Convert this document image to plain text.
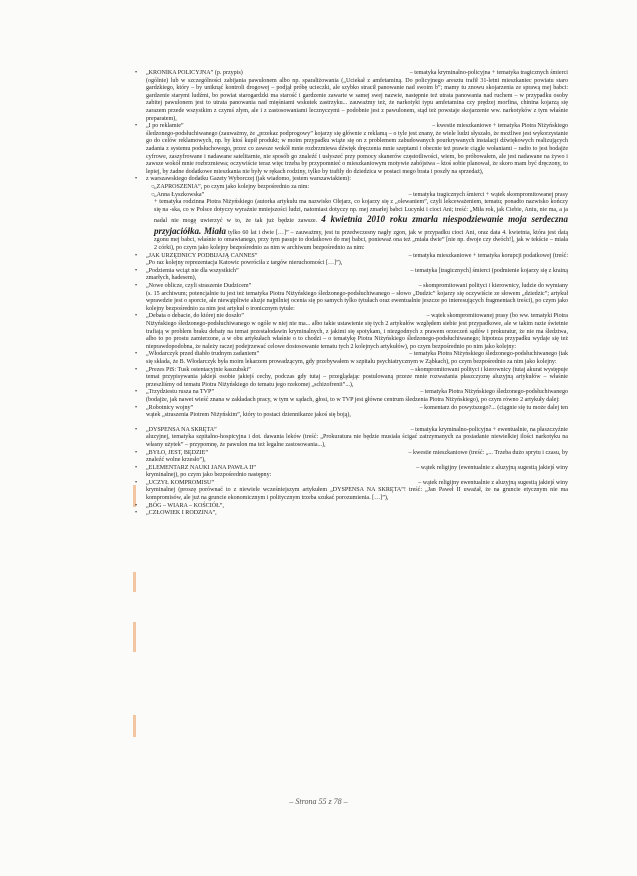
• „KRONIKA POLICYJNA” (p. przypis)	– tematyka kryminalno-policyjna + tematyka tragicznych śmierci
(ogólnie) lub w szczególności zabijania pawulonem albo np. sparaliżowania („Uciekał z amfetaminą. Do policyjnego aresztu trafił 31-letni mieszkaniec powiatu staro gardzkiego, który – by uniknąć kontroli drogowej – podjął próbę ucieczki, ale szybko stracił panowanie nad swoim b”; mamy tu znowu skojarzenia ze sprawą mej babci: gardzenie starymi ludźmi, bo powiat starogardzki ma starość i gardzenie zawarte w samej swej nazwie, następnie też utrata panowania nad ruchem – w przypadku osoby zabitej pawulonem jest to utrata panowania nad mięśniami wskutek zastrzyku... zauważmy też, że narkotyki typu amfetamina czy prędzej morfina, chinina kojarzą się zarazem przede wszystkim z czymś złym, ale i z zastosowaniami lecznyczymi – podobnie jest z pawulonem, stąd też powstaje skojarzenie ww. narkotyków z tym właśnie preparatem),
• „I po reklamie”	– kwestie mieszkaniowe + tematyka Piotra Niżyńskiego
śledzonego-podsłuchiwanego (zauważmy, że „przekaz podprogowy” kojarzy się głównie z reklamą – o tyle jest znany, że wiele ludzi słyszało, że możliwe jest wykorzystanie go do celów reklamowych, np. by ktoś kupił produkt; w moim przypadku wiąże się on z problemem zabudowanych pourkrywanych instalacji dźwiękowych realizujących zadania z systemu podsłuchowego, przez co zawsze wokół mnie rozbrzmiewa dźwięk dręczenia mnie szeptami i obecnie też prawie ciągle wołaniami – radio to jest bodajże cyfrowe, zaszyfrowane i nadawane satelitarnie, nie sposób go znaleźć i usłyszeć przy pomocy skanerów częstotliwości, wiem, bo próbowałem, ale jest nadawane na żywo i zawsze wokół mnie rozbrzmiewa; oczywiście teraz więc trzeba by przypomnieć o mieszkaniowym motywie zabójstwa – ktoś sobie planował, że skoro mam być dręczony, to lepiej, by żadne dodatkowe mieszkania nie były w rękach rodziny, tylko by trafiły do dziedzica w postaci mego brata i poszły na sprzedaż),
• z warszawskiego dodatku Gazety Wyborczej (jak wiadomo, jestem warszawiakiem):
○ „ZAPROSZENIA”, po czym jako kolejny bezpośrednio za nim:
○ „Anna Łyszkowska”	– tematyka tragicznych śmierci + wątek skompromitowanej prasy
+ tematyka rodzinna Piotra Niżyńskiego (autorka artykułu ma nazwisko Olejarz, co kojarzy się z „olewaniem”, czyli lekceważeniem, tematu; ponadto nazwisko kończy się na -ska, co w Polsce dotyczy wyraźnie mniejszości ludzi, natomiast dotyczy np. mej zmarłej babci Lucynki i cioci Ani; treść: „Miła rok, jak Ciebie, Aniu, nie ma, a ja nadal nie mogę uwierzyć w to, że tak już będzie zawsze. 4 kwietnia 2010 roku zmarła niespodziewanie moja serdeczna przyjaciółka. Miała tylko 60 lat i dwie […]” – zauważmy, jest tu przedwczesny nagły zgon, jak w przypadku cioci Ani, oraz data 4. kwietnia, która jest datą zgonu mej babci, właśnie to omawianego, przy tym pasuje to dodatkowo do mej babci, ponieważ ona też „miała dwie” [nie np. dwoje czy dwóch!], jak w tekście – miała 2 córki), po czym jako kolejny bezpośrednio za nim w archiwum bezpośrednio za nim:
• „JAK URZĘDNICY PODBIJAJĄ CANNES”	– tematyka mieszkaniowe + tematyka korupcji podatkowej (treść:
„Po raz kolejny reprezentacja Katowic powróciła z targów nieruchomości […]”),
• „Podziemia wciąż nie dla wszystkich”	– tematyka [tragicznych] śmierci (podmienie kojarzy się z krainą
zmarłych, hadesem),
• „Nowe oblicze, czyli straszenie Dudzicem”	– skompromitowani polityci i kierownicy, ludzie do wymiany
(s. 15 archiwum; potencjalnie tu jest też tematyka Piotra Niżyńskiego śledzonego-podsłuchiwanego – słowo „Dudzic” kojarzy się oczywiście ze słowem „dziedzic”; artykuł wprawdzie jest o sporcie, ale niewątpliwie aluzje najpilniej ocenia się po samych tylko tytułach oraz ewentualnie jeszcze po interesujących fragmentach treści), po czym jako kolejny bezpośrednio za nim jest artykuł o ironicznym tytule:
• „Debata o debacie, do której nie doszło”	– wątek skompromitowanej prasy (bo ww. tematyki Piotra
Niżyńskiego śledzonego-podsłuchiwanego w ogóle w niej nie ma... albo takie ustawienie się tych 2 artykułów względem siebie jest przypadkowe, ale w takim razie świetnie trafiają w problem braku debaty na temat przestałodawin kryminalnych, z jakimi się spotykam, i niezgodnych z prawem orzeczeń sądów i prokuratur, że nie ma śledztwa, albo to po prostu zamierzone, a w obu artykułach właśnie o to chodzi – o tematykę Piotra Niżyńskiego śledzonego-podsłuchiwanego; hipoteza przypadku wydaje się też nieprawdopodobna, że należy raczej podejrzewać celowe dostosowanie tematu tych 2 kolejnych artykułów), po czym bezpośrednio po nim jako kolejny:
• „Włodarczyk przed diabło trudnym zadaniem”	– tematyka Piotra Niżyńskiego śledzonego-podsłuchiwanego (tak
się składa, że B. Włodarczyk była moim lekarzem prowadzącym, gdy przebywałem w szpitalu psychiatrycznym w Ząbkach), po czym bezpośrednio za nim jako kolejny:
• „Prezes PiS: Tusk ostentacyjnie kaszubski”	– skompromitowani polityci i kierownicy (tutaj akurat występuje
temat przypisywania jakiejś osobie jakiejś cechy, podczas gdy tutaj – przeglądając postulowaną przeze mnie rozważania płaszczyznę aluzyjną artykułów – właśnie przeszliśmy od tematu Piotra Niżyńskiego do tematu jego rzekomej „schizofrenii”...),
• „Trzydziestu rusza na TVP”	– tematyka Piotra Niżyńskiego śledzonego-podsłuchiwanego
(bodajże, jak nawet wieść znana w zakładach pracy, w tym w sądach, głosi, to w TVP jest główne centrum śledzenia Piotra Niżyńskiego), po czym równo 2 artykuły dalej:
• „Robotnicy wojny”	– komentarz do powyższego?... (ciągnie się tu może dalej ten
wątek „straszenia Piotrem Niżyńskim”, który to postaci dziennikarze jakoś się boją),
• „DYSPENSA NA SKRĘTA”	– tematyka kryminalno-policyjna + ewentualnie, na płaszczyźnie
aluzyjnej, tematyka szpitalno-hospicyjna i dot. dawania leków (treść: „Prokuratura nie będzie musiała ścigać zatrzymanych za posiadanie niewielkiej ilości narkotyku na własny użytek” – przypomnę, że pawulon ma też legalne zastosowania...),
• „BYŁO, JEST, BĘDZIE”	– kwestie mieszkaniowe (treść: „... Trzeba dużo sprytu i czasu, by
znaleźć wolne krzesło”),
• „ELEMENTARZ NAUKI JANA PAWŁA II”	– wątek religijny (ewentualnie z aluzyjną sugestią jakiejś winy
kryminalnej), po czym jako bezpośrednio następny:
• „UCZYŁ KOMPROMISU”	– wątek religijny ewentualnie z aluzyjną sugestią jakiejś winy
kryminalnej (proszę porównać to z niewiele wcześniejszym artykułem „DYSPENSA NA SKRĘTA”! treść: „Jan Paweł II uważał, że na gruncie etycznym nie ma kompromisów, ale już na gruncie ekonomicznym i politycznym trzeba szukać porozumienia. […]”),
• „BÓG – WIARA – KOŚCIÓŁ”,
• „CZŁOWIEK I RODZINA”,
– Strona 55 z 78 –
